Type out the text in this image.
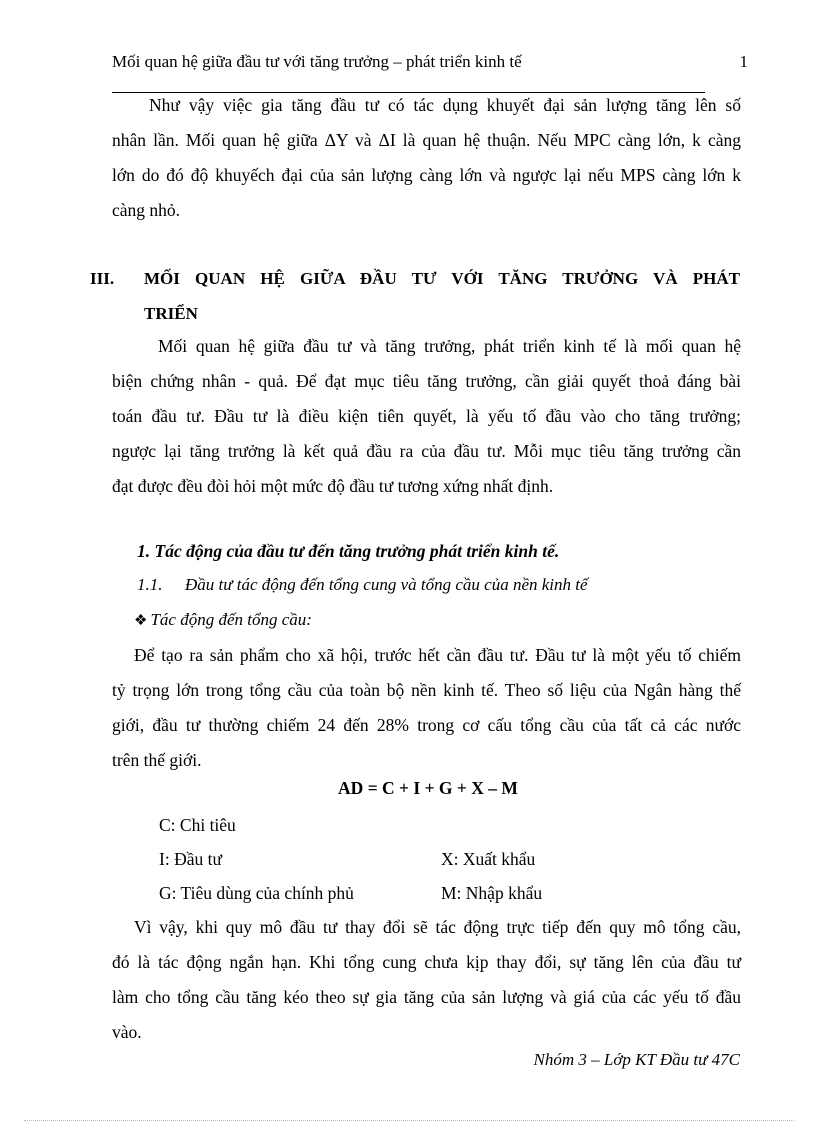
Mối quan hệ giữa đầu tư với tăng trưởng – phát triển kinh tế	1
Như vậy việc gia tăng đầu tư có tác dụng khuyết đại sản lượng tăng lên số
nhân lần. Mối quan hệ giữa ΔY và ΔI là quan hệ thuận. Nếu MPC càng lớn, k càng
lớn do đó độ khuyếch đại của sản lượng càng lớn và ngược lại nếu MPS càng lớn k
càng nhỏ.
III. MỐI QUAN HỆ GIỮA ĐẦU TƯ VỚI TĂNG TRƯỞNG VÀ PHÁT
TRIỂN
Mối quan hệ giữa đầu tư và tăng trưởng, phát triển kinh tế là mối quan hệ
biện chứng nhân - quả. Để đạt mục tiêu tăng trưởng, cần giải quyết thoả đáng bài
toán đầu tư. Đầu tư là điều kiện tiên quyết, là yếu tố đầu vào cho tăng trưởng;
ngược lại tăng trưởng là kết quả đầu ra của đầu tư. Mỗi mục tiêu tăng trưởng cần
đạt được đều đòi hỏi một mức độ đầu tư tương xứng nhất định.
1. Tác động của đầu tư đến tăng trưởng phát triển kinh tế.
1.1. Đầu tư tác động đến tổng cung và tổng cầu của nền kinh tế
❖ Tác động đến tổng cầu:
Để tạo ra sản phẩm cho xã hội, trước hết cần đầu tư. Đầu tư là một yếu tố chiếm
tỷ trọng lớn trong tổng cầu của toàn bộ nền kinh tế. Theo số liệu của Ngân hàng thế
giới, đầu tư thường chiếm 24 đến 28% trong cơ cấu tổng cầu của tất cả các nước
trên thế giới.
AD = C + I + G + X – M
C: Chi tiêu
I: Đầu tư	X: Xuất khẩu
G: Tiêu dùng của chính phủ	M: Nhập khẩu
Vì vậy, khi quy mô đầu tư thay đổi sẽ tác động trực tiếp đến quy mô tổng cầu,
đó là tác động ngắn hạn. Khi tổng cung chưa kịp thay đổi, sự tăng lên của đầu tư
làm cho tổng cầu tăng kéo theo sự gia tăng của sản lượng và giá của các yếu tố đầu
vào.
Nhóm 3 – Lớp KT Đầu tư 47C
